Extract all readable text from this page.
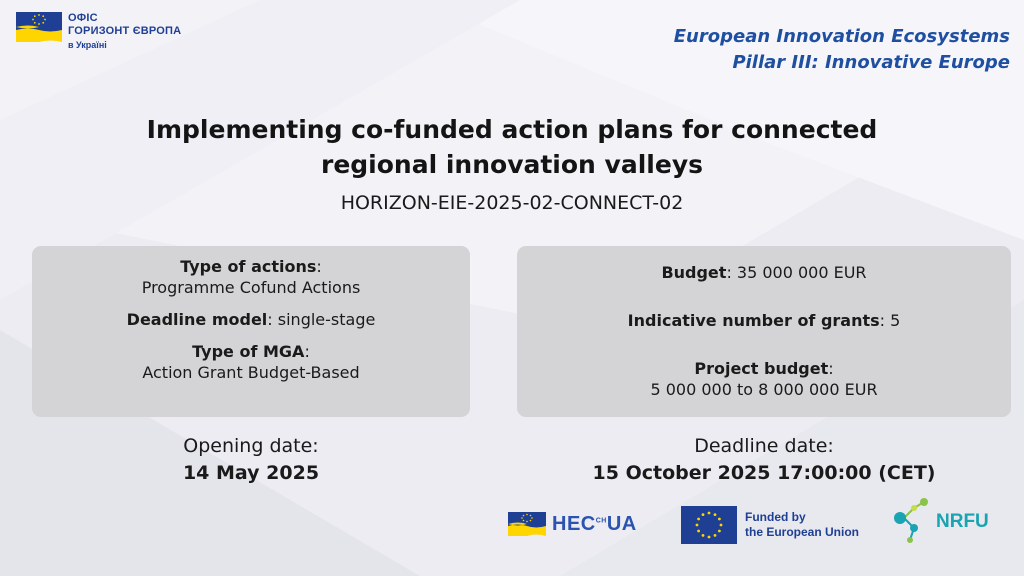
ОФІС
ГОРИЗОНТ ЄВРОПА
в Україні	European Innovation Ecosystems
Pillar III: Innovative Europe
Implementing co-funded action plans for connected
regional innovation valleys
HORIZON-EIE-2025-02-CONNECT-02

Type of actions:
Programme Cofund Actions

Deadline model: single-stage

Type of MGA:
Action Grant Budget-Based

Budget: 35 000 000 EUR

Indicative number of grants: 5

Project budget:
5 000 000 to 8 000 000 EUR

Opening date:
14 May 2025
Deadline date:
15 October 2025 17:00:00 (CET)
$HEC^{CH}UA$	Funded by
the European Union	NRFU
